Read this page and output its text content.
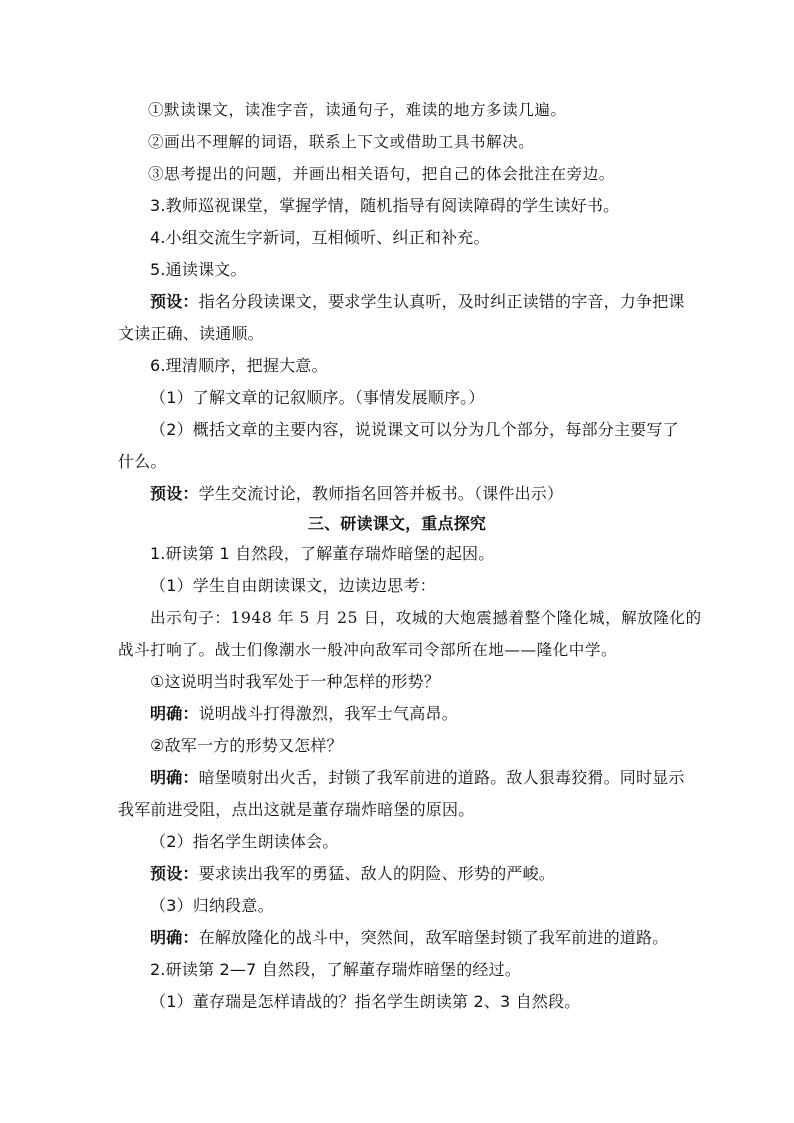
①默读课文，读准字音，读通句子，难读的地方多读几遍。
②画出不理解的词语，联系上下文或借助工具书解决。
③思考提出的问题，并画出相关语句，把自己的体会批注在旁边。
3.教师巡视课堂，掌握学情，随机指导有阅读障碍的学生读好书。
4.小组交流生字新词，互相倾听、纠正和补充。
5.通读课文。
预设：指名分段读课文，要求学生认真听，及时纠正读错的字音，力争把课
文读正确、读通顺。
6.理清顺序，把握大意。
（1）了解文章的记叙顺序。（事情发展顺序。）
（2）概括文章的主要内容，说说课文可以分为几个部分，每部分主要写了
什么。
预设：学生交流讨论，教师指名回答并板书。（课件出示）
三、研读课文，重点探究
1.研读第 1 自然段，了解董存瑞炸暗堡的起因。
（1）学生自由朗读课文，边读边思考：
出示句子：1948 年 5 月 25 日，攻城的大炮震撼着整个隆化城，解放隆化的
战斗打响了。战士们像潮水一般冲向敌军司令部所在地——隆化中学。
①这说明当时我军处于一种怎样的形势？
明确：说明战斗打得激烈，我军士气高昂。
②敌军一方的形势又怎样？
明确：暗堡喷射出火舌，封锁了我军前进的道路。敌人狠毒狡猾。同时显示
我军前进受阻，点出这就是董存瑞炸暗堡的原因。
（2）指名学生朗读体会。
预设：要求读出我军的勇猛、敌人的阴险、形势的严峻。
（3）归纳段意。
明确：在解放隆化的战斗中，突然间，敌军暗堡封锁了我军前进的道路。
2.研读第 2—7 自然段，了解董存瑞炸暗堡的经过。
（1）董存瑞是怎样请战的？指名学生朗读第 2、3 自然段。
